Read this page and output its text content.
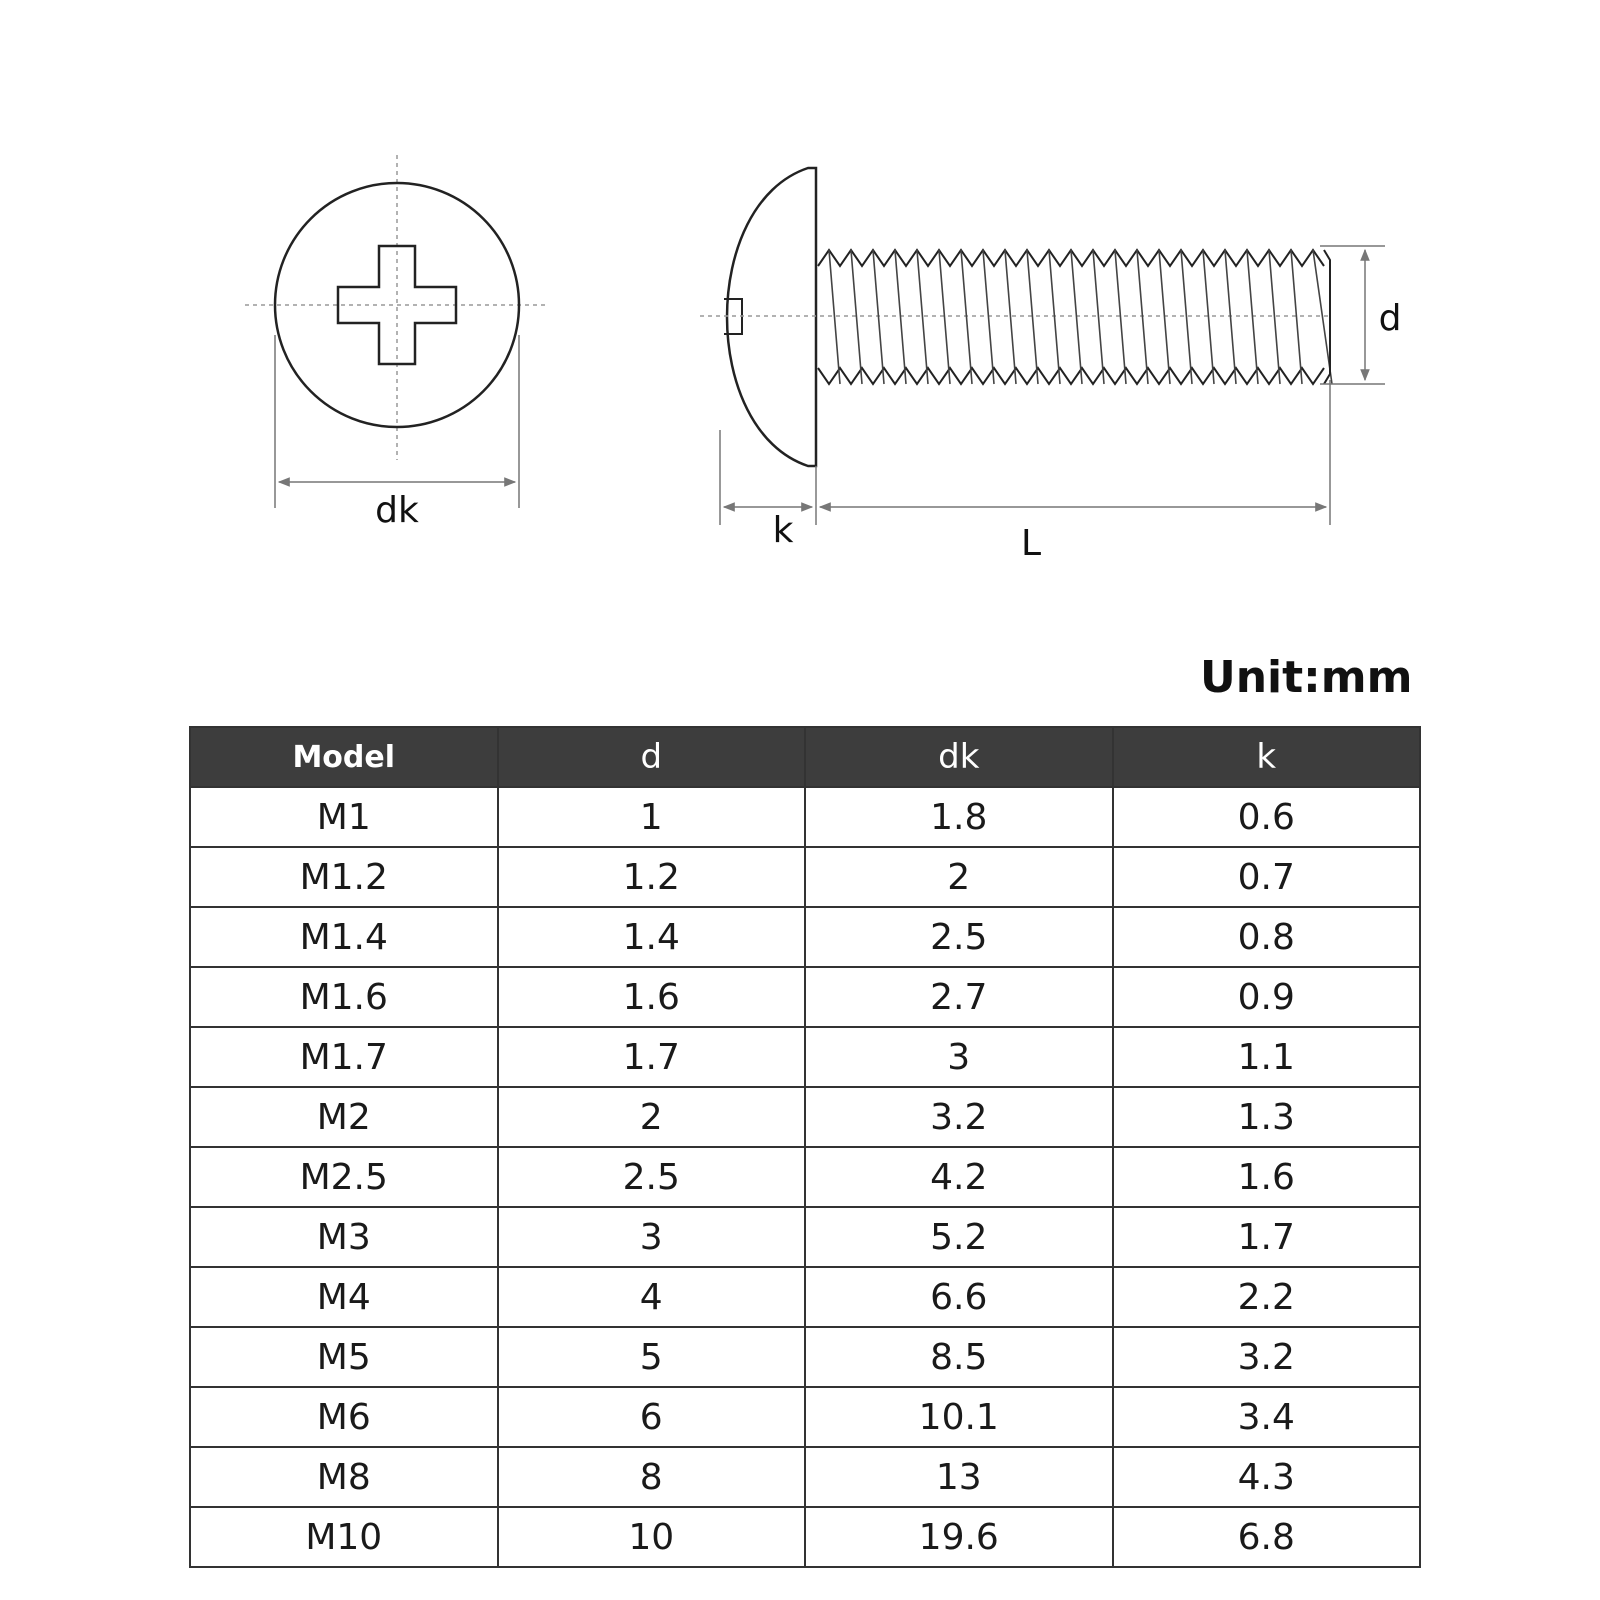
dk	k	L
d
Unit:mm
Model	d	dk	k
M1	1	1.8	0.6
M1.2	1.2	2	0.7
M1.4	1.4	2.5	0.8
M1.6	1.6	2.7	0.9
M1.7	1.7	3	1.1
M2	2	3.2	1.3
M2.5	2.5	4.2	1.6
M3	3	5.2	1.7
M4	4	6.6	2.2
M5	5	8.5	3.2
M6	6	10.1	3.4
M8	8	13	4.3
M10	10	19.6	6.8
